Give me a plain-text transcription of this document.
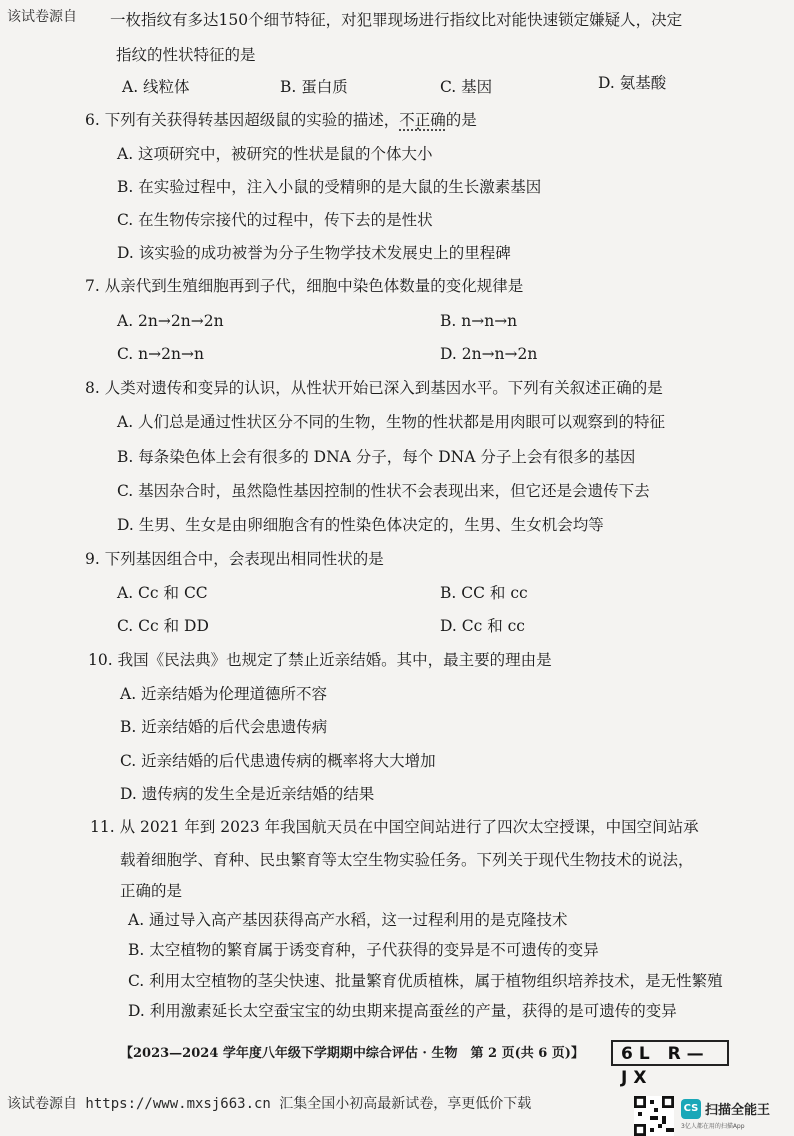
该试卷源自 一枚指纹有多达150个细节特征，对犯罪现场进行指纹比对能快速锁定嫌疑人，决定
指纹的性状特征的是
A. 线粒体	B. 蛋白质	C. 基因	D. 氨基酸
6. 下列有关获得转基因超级鼠的实验的描述，不正确的是
A. 这项研究中，被研究的性状是鼠的个体大小
B. 在实验过程中，注入小鼠的受精卵的是大鼠的生长激素基因
C. 在生物传宗接代的过程中，传下去的是性状
D. 该实验的成功被誉为分子生物学技术发展史上的里程碑
7. 从亲代到生殖细胞再到子代，细胞中染色体数量的变化规律是
A. 2n→2n→2n	B. n→n→n
C. n→2n→n	D. 2n→n→2n
8. 人类对遗传和变异的认识，从性状开始已深入到基因水平。下列有关叙述正确的是
A. 人们总是通过性状区分不同的生物，生物的性状都是用肉眼可以观察到的特征
B. 每条染色体上会有很多的 DNA 分子，每个 DNA 分子上会有很多的基因
C. 基因杂合时，虽然隐性基因控制的性状不会表现出来，但它还是会遗传下去
D. 生男、生女是由卵细胞含有的性染色体决定的，生男、生女机会均等
9. 下列基因组合中，会表现出相同性状的是
A. Cc 和 CC	B. CC 和 cc
C. Cc 和 DD	D. Cc 和 cc
10. 我国《民法典》也规定了禁止近亲结婚。其中，最主要的理由是
A. 近亲结婚为伦理道德所不容
B. 近亲结婚的后代会患遗传病
C. 近亲结婚的后代患遗传病的概率将大大增加
D. 遗传病的发生全是近亲结婚的结果
11. 从 2021 年到 2023 年我国航天员在中国空间站进行了四次太空授课，中国空间站承
载着细胞学、育种、民虫繁育等太空生物实验任务。下列关于现代生物技术的说法，
正确的是
A. 通过导入高产基因获得高产水稻，这一过程利用的是克隆技术
B. 太空植物的繁育属于诱变育种，子代获得的变异是不可遗传的变异
C. 利用太空植物的茎尖快速、批量繁育优质植株，属于植物组织培养技术，是无性繁殖
D. 利用激素延长太空蚕宝宝的幼虫期来提高蚕丝的产量，获得的是可遗传的变异
【2023—2024 学年度八年级下学期期中综合评估 · 生物　第 2 页(共 6 页)】	6L R—JX
该试卷源自 https://www.mxsj663.cn 汇集全国小初高最新试卷，享更低价下载	CS 扫描全能王
3亿人都在用的扫描App
